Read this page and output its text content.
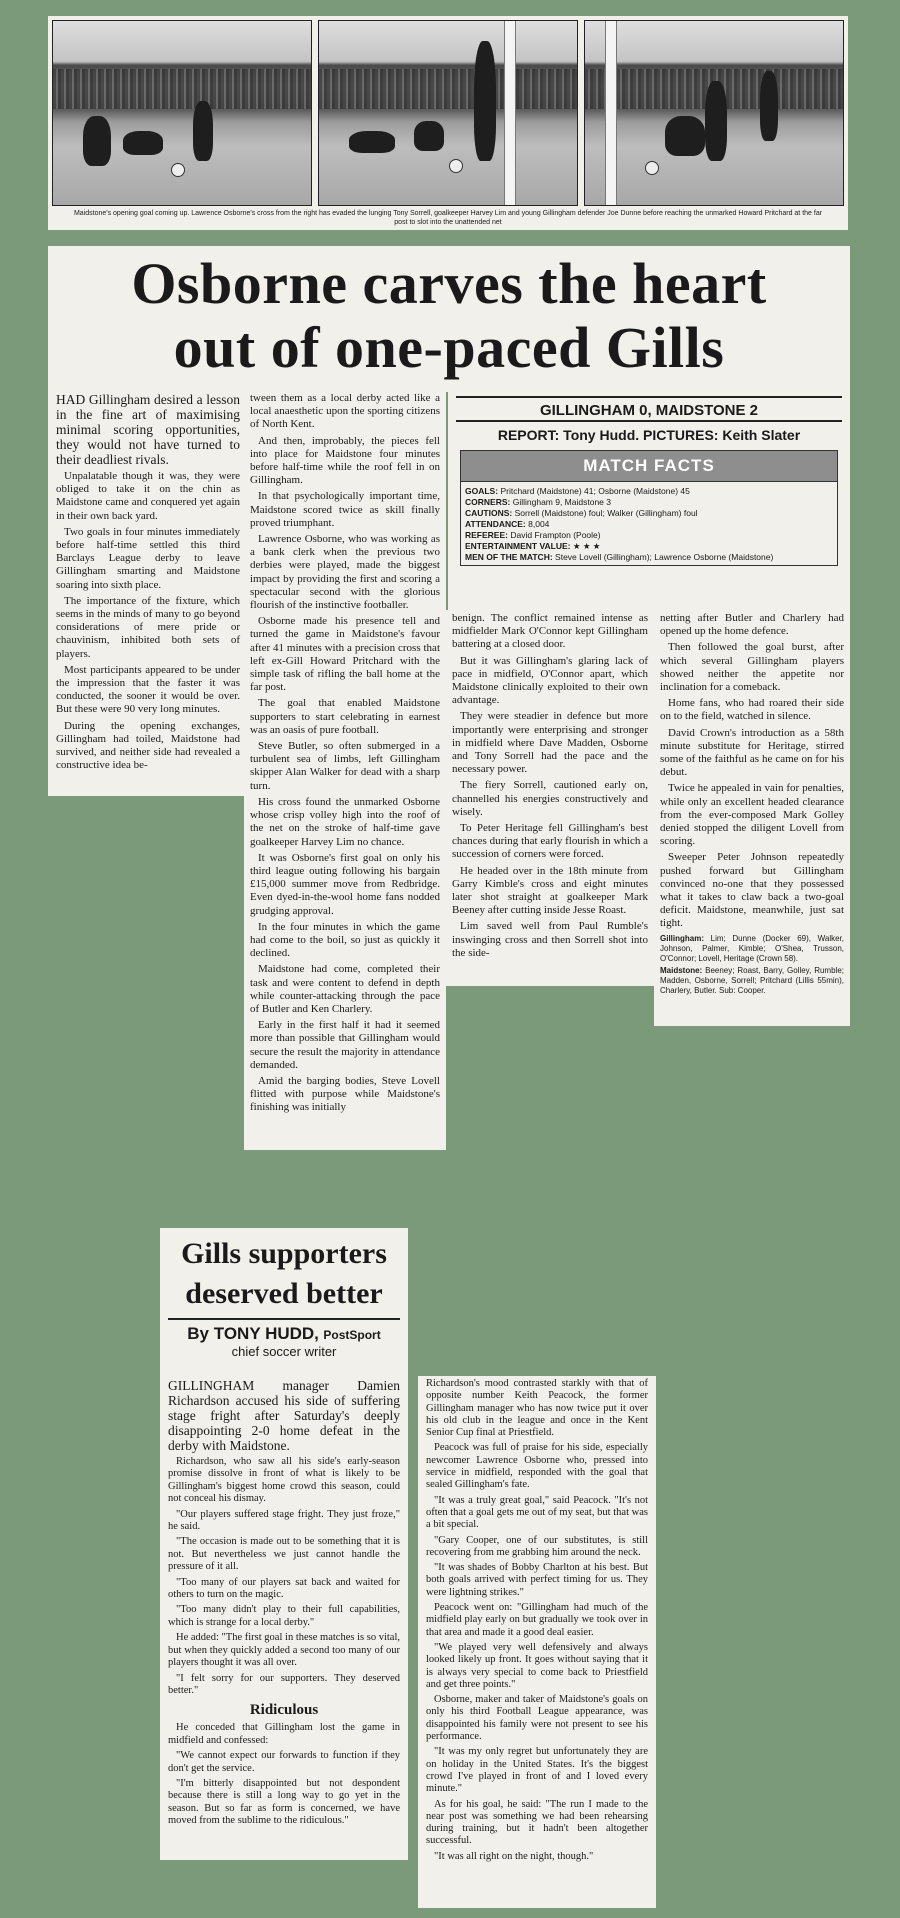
Maidstone's opening goal coming up. Lawrence Osborne's cross from the right has evaded the lunging Tony Sorrell, goalkeeper Harvey Lim and young Gillingham defender Joe Dunne before reaching the unmarked Howard Pritchard at the far post to slot into the unattended net
Osborne carves the heart
out of one-paced Gills

HAD Gillingham desired a lesson in the fine art of maximising minimal scoring opportunities, they would not have turned to their deadliest rivals.

Unpalatable though it was, they were obliged to take it on the chin as Maidstone came and conquered yet again in their own back yard.

Two goals in four minutes immediately before half-time settled this third Barclays League derby to leave Gillingham smarting and Maidstone soaring into sixth place.

The importance of the fixture, which seems in the minds of many to go beyond considerations of mere pride or chauvinism, inhibited both sets of players.

Most participants appeared to be under the impression that the faster it was conducted, the sooner it would be over. But these were 90 very long minutes.

During the opening exchanges, Gillingham had toiled, Maidstone had survived, and neither side had revealed a constructive idea be-

tween them as a local derby acted like a local anaesthetic upon the sporting citizens of North Kent.

And then, improbably, the pieces fell into place for Maidstone four minutes before half-time while the roof fell in on Gillingham.

In that psychologically important time, Maidstone scored twice as skill finally proved triumphant.

Lawrence Osborne, who was working as a bank clerk when the previous two derbies were played, made the biggest impact by providing the first and scoring a spectacular second with the glorious flourish of the instinctive footballer.

Osborne made his presence tell and turned the game in Maidstone's favour after 41 minutes with a precision cross that left ex-Gill Howard Pritchard with the simple task of rifling the ball home at the far post.

The goal that enabled Maidstone supporters to start celebrating in earnest was an oasis of pure football.

Steve Butler, so often submerged in a turbulent sea of limbs, left Gillingham skipper Alan Walker for dead with a sharp turn.

His cross found the unmarked Osborne whose crisp volley high into the roof of the net on the stroke of half-time gave goalkeeper Harvey Lim no chance.

It was Osborne's first goal on only his third league outing following his bargain £15,000 summer move from Redbridge. Even dyed-in-the-wool home fans nodded grudging approval.

In the four minutes in which the game had come to the boil, so just as quickly it declined.

Maidstone had come, completed their task and were content to defend in depth while counter-attacking through the pace of Butler and Ken Charlery.

Early in the first half it had it seemed more than possible that Gillingham would secure the result the majority in attendance demanded.

Amid the barging bodies, Steve Lovell flitted with purpose while Maidstone's finishing was initially

GILLINGHAM 0, MAIDSTONE 2
REPORT: Tony Hudd. PICTURES: Keith Slater
MATCH FACTS
GOALS: Pritchard (Maidstone) 41; Osborne (Maidstone) 45
CORNERS: Gillingham 9, Maidstone 3
CAUTIONS: Sorrell (Maidstone) foul; Walker (Gillingham) foul
ATTENDANCE: 8,004
REFEREE: David Frampton (Poole)
ENTERTAINMENT VALUE: ★ ★ ★
MEN OF THE MATCH: Steve Lovell (Gillingham); Lawrence Osborne (Maidstone)

benign. The conflict remained intense as midfielder Mark O'Connor kept Gillingham battering at a closed door.

But it was Gillingham's glaring lack of pace in midfield, O'Connor apart, which Maidstone clinically exploited to their own advantage.

They were steadier in defence but more importantly were enterprising and stronger in midfield where Dave Madden, Osborne and Tony Sorrell had the pace and the necessary power.

The fiery Sorrell, cautioned early on, channelled his energies constructively and wisely.

To Peter Heritage fell Gillingham's best chances during that early flourish in which a succession of corners were forced.

He headed over in the 18th minute from Garry Kimble's cross and eight minutes later shot straight at goalkeeper Mark Beeney after cutting inside Jesse Roast.

Lim saved well from Paul Rumble's inswinging cross and then Sorrell shot into the side-

netting after Butler and Charlery had opened up the home defence.

Then followed the goal burst, after which several Gillingham players showed neither the appetite nor inclination for a comeback.

Home fans, who had roared their side on to the field, watched in silence.

David Crown's introduction as a 58th minute substitute for Heritage, stirred some of the faithful as he came on for his debut.

Twice he appealed in vain for penalties, while only an excellent headed clearance from the ever-composed Mark Golley denied stopped the diligent Lovell from scoring.

Sweeper Peter Johnson repeatedly pushed forward but Gillingham convinced no-one that they possessed what it takes to claw back a two-goal deficit. Maidstone, meanwhile, just sat tight.

Gillingham: Lim; Dunne (Docker 69), Walker, Johnson, Palmer, Kimble; O'Shea, Trusson, O'Connor; Lovell, Heritage (Crown 58).
Maidstone: Beeney; Roast, Barry, Golley, Rumble; Madden, Osborne, Sorrell; Pritchard (Lillis 55min), Charlery, Butler. Sub: Cooper.
Gills supporters
deserved better
By TONY HUDD, PostSport
chief soccer writer

GILLINGHAM manager Damien Richardson accused his side of suffering stage fright after Saturday's deeply disappointing 2-0 home defeat in the derby with Maidstone.

Richardson, who saw all his side's early-season promise dissolve in front of what is likely to be Gillingham's biggest home crowd this season, could not conceal his dismay.

"Our players suffered stage fright. They just froze," he said.

"The occasion is made out to be something that it is not. But nevertheless we just cannot handle the pressure of it all.

"Too many of our players sat back and waited for others to turn on the magic.

"Too many didn't play to their full capabilities, which is strange for a local derby."

He added: "The first goal in these matches is so vital, but when they quickly added a second too many of our players thought it was all over.

"I felt sorry for our supporters. They deserved better."

Ridiculous

He conceded that Gillingham lost the game in midfield and confessed:

"We cannot expect our forwards to function if they don't get the service.

"I'm bitterly disappointed but not despondent because there is still a long way to go yet in the season. But so far as form is concerned, we have moved from the sublime to the ridiculous."

Richardson's mood contrasted starkly with that of opposite number Keith Peacock, the former Gillingham manager who has now twice put it over his old club in the league and once in the Kent Senior Cup final at Priestfield.

Peacock was full of praise for his side, especially newcomer Lawrence Osborne who, pressed into service in midfield, responded with the goal that sealed Gillingham's fate.

"It was a truly great goal," said Peacock. "It's not often that a goal gets me out of my seat, but that was a bit special.

"Gary Cooper, one of our substitutes, is still recovering from me grabbing him around the neck.

"It was shades of Bobby Charlton at his best. But both goals arrived with perfect timing for us. They were lightning strikes."

Peacock went on: "Gillingham had much of the midfield play early on but gradually we took over in that area and made it a good deal easier.

"We played very well defensively and always looked likely up front. It goes without saying that it is always very special to come back to Priestfield and get three points."

Osborne, maker and taker of Maidstone's goals on only his third Football League appearance, was disappointed his family were not present to see his performance.

"It was my only regret but unfortunately they are on holiday in the United States. It's the biggest crowd I've played in front of and I loved every minute."

As for his goal, he said: "The run I made to the near post was something we had been rehearsing during training, but it hadn't been altogether successful.

"It was all right on the night, though."
